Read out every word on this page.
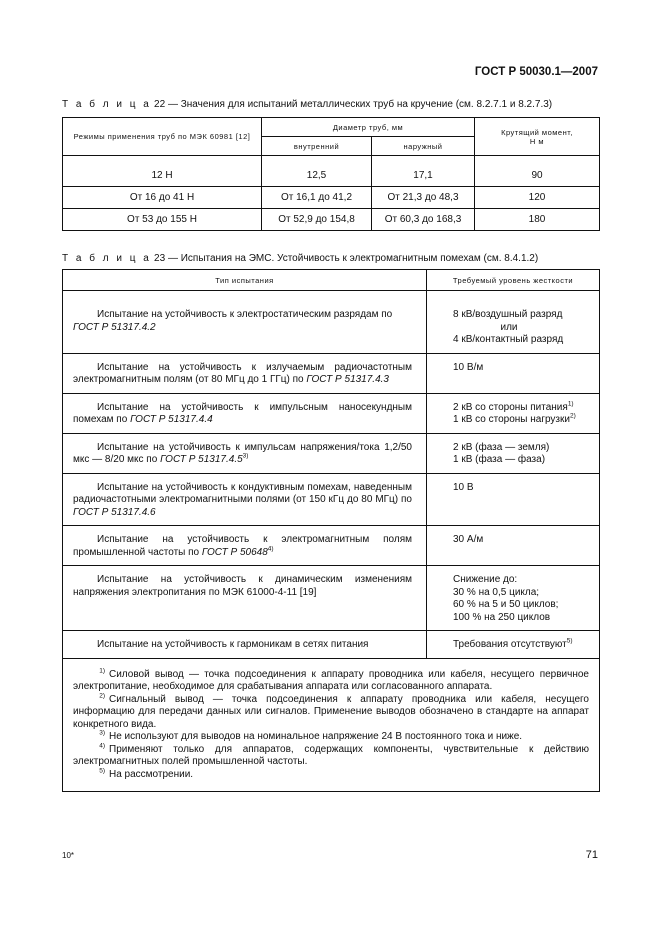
ГОСТ Р 50030.1—2007
Т а б л и ц а 22 — Значения для испытаний металлических труб на кручение (см. 8.2.7.1 и 8.2.7.3)
Режимы применения труб по МЭК 60981 [12]	Диаметр труб, мм		Крутящий момент,
Н м
	внутренний	наружный	
12 Н	12,5	17,1	90
От 16 до 41 Н	От 16,1 до 41,2	От 21,3 до 48,3	120
От 53 до 155 Н	От 52,9 до 154,8	От 60,3 до 168,3	180
Т а б л и ц а 23 — Испытания на ЭМС. Устойчивость к электромагнитным помехам (см. 8.4.1.2)
Тип испытания	Требуемый уровень жесткости

Испытание на устойчивость к электростатическим разрядам по
ГОСТ Р 51317.4.2	8 кВ/воздушный разряд

или
4 кВ/контактный разряд
Испытание на устойчивость к излучаемым радиочастотным электромагнитным полям (от 80 МГц до 1 ГГц) по ГОСТ Р 51317.4.3	10 В/м
Испытание на устойчивость к импульсным наносекундным помехам по ГОСТ Р 51317.4.4	2 кВ со стороны питания$^{1)}$
1 кВ со стороны нагрузки$^{2)}$
Испытание на устойчивость к импульсам напряжения/тока 1,2/50 мкс — 8/20 мкс по ГОСТ Р 51317.4.5$^{3)}$	2 кВ (фаза — земля)
1 кВ (фаза — фаза)
Испытание на устойчивость к кондуктивным помехам, наведенным радиочастотными электромагнитными полями (от 150 кГц до 80 МГц) по ГОСТ Р 51317.4.6	10 В
Испытание на устойчивость к электромагнитным полям промышленной частоты по ГОСТ Р 50648$^{4)}$	30 А/м
Испытание на устойчивость к динамическим изменениям напряжения электропитания по МЭК 61000-4-11 [19]	Снижение до:
30 % на 0,5 цикла;
60 % на 5 и 50 циклов;
100 % на 250 циклов
Испытание на устойчивость к гармоникам в сетях питания	Требования отсутствуют$^{5)}$

$^{1)}$ Силовой вывод — точка подсоединения к аппарату проводника или кабеля, несущего первичное электропитание, необходимое для срабатывания аппарата или согласованного аппарата.

$^{2)}$ Сигнальный вывод — точка подсоединения к аппарату проводника или кабеля, несущего информацию для передачи данных или сигналов. Применение выводов обозначено в стандарте на аппарат конкретного вида.

$^{3)}$ Не используют для выводов на номинальное напряжение 24 В постоянного тока и ниже.

$^{4)}$ Применяют только для аппаратов, содержащих компоненты, чувствительные к действию электромагнитных полей промышленной частоты.

$^{5)}$ На рассмотрении.	

10*	71
